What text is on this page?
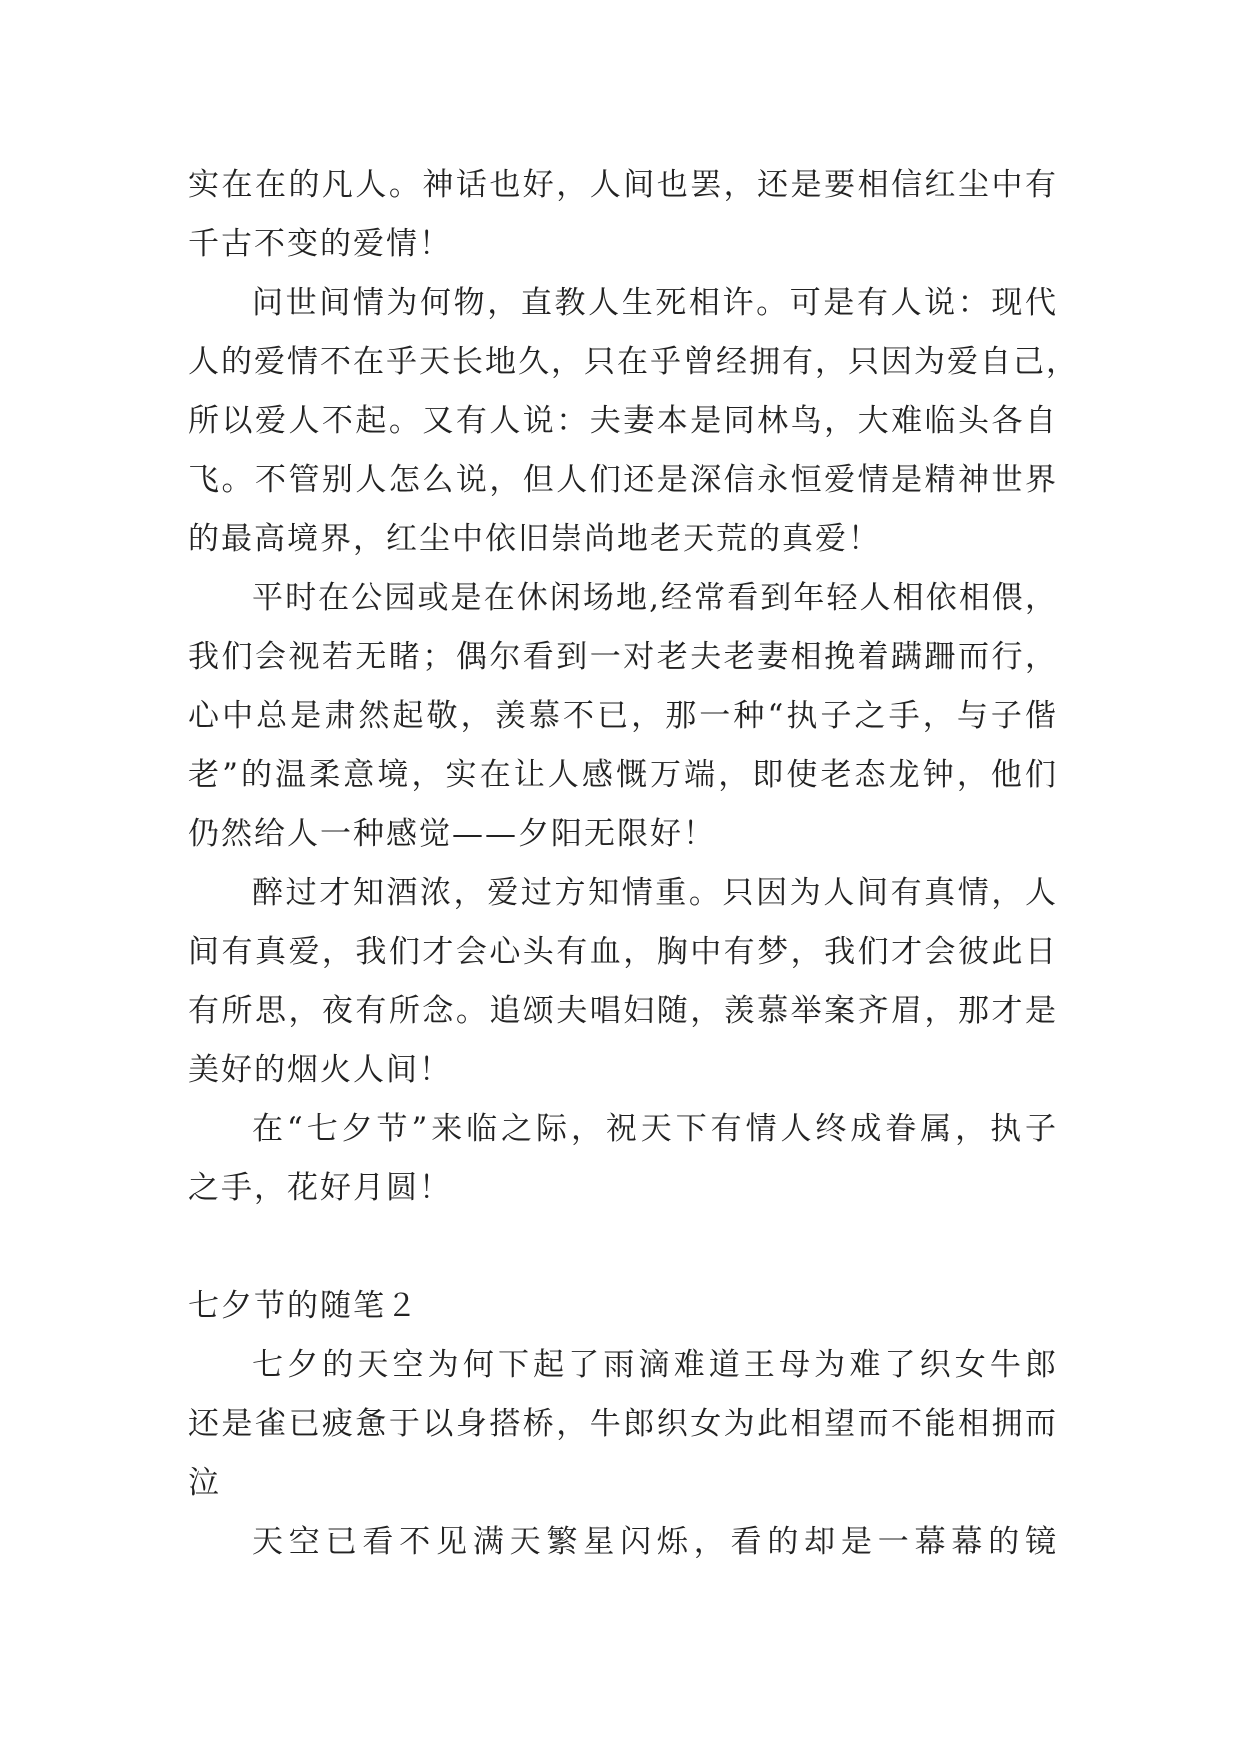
实在在的凡人。神话也好，人间也罢，还是要相信红尘中有
千古不变的爱情！
问世间情为何物，直教人生死相许。可是有人说：现代
人的爱情不在乎天长地久，只在乎曾经拥有，只因为爱自己，
所以爱人不起。又有人说：夫妻本是同林鸟，大难临头各自
飞。不管别人怎么说，但人们还是深信永恒爱情是精神世界
的最高境界，红尘中依旧崇尚地老天荒的真爱！
平时在公园或是在休闲场地,经常看到年轻人相依相偎，
我们会视若无睹；偶尔看到一对老夫老妻相挽着蹒跚而行，
心中总是肃然起敬，羡慕不已，那一种“执子之手，与子偕
老”的温柔意境，实在让人感慨万端，即使老态龙钟，他们
仍然给人一种感觉——夕阳无限好！
醉过才知酒浓，爱过方知情重。只因为人间有真情，人
间有真爱，我们才会心头有血，胸中有梦，我们才会彼此日
有所思，夜有所念。追颂夫唱妇随，羡慕举案齐眉，那才是
美好的烟火人间！
在“七夕节”来临之际，祝天下有情人终成眷属，执子
之手，花好月圆！
七夕节的随笔２
七夕的天空为何下起了雨滴难道王母为难了织女牛郎
还是雀已疲惫于以身搭桥，牛郎织女为此相望而不能相拥而
泣
天空已看不见满天繁星闪烁，看的却是一幕幕的镜
